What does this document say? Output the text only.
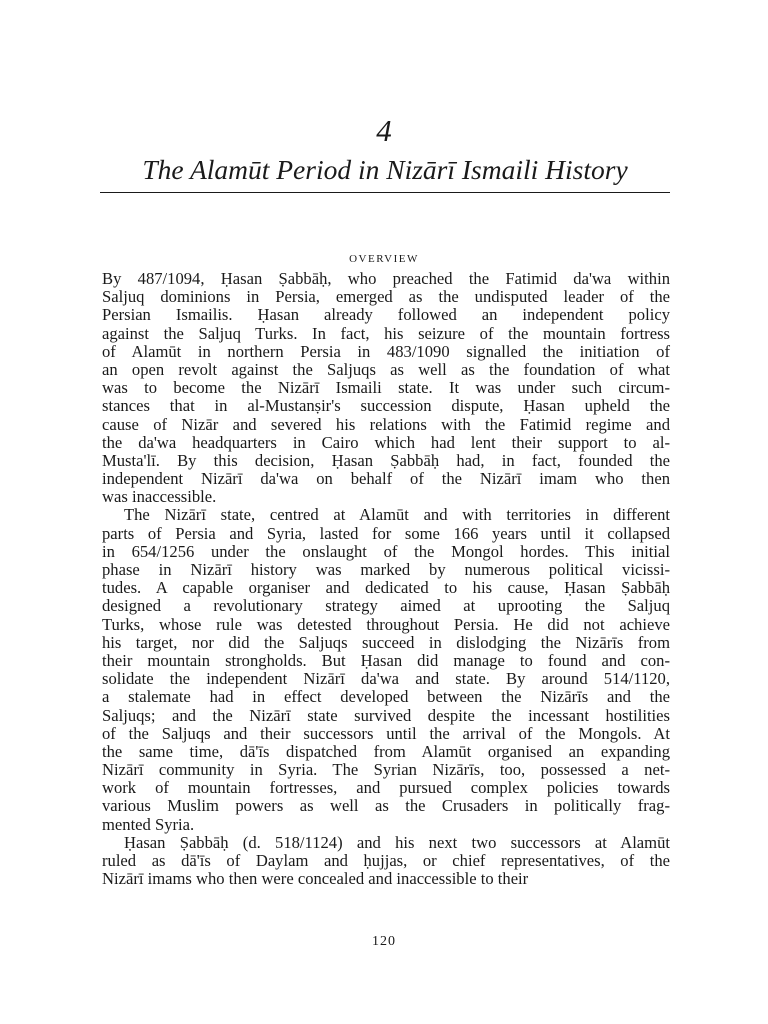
4
The Alamūt Period in Nizārī Ismaili History
OVERVIEW
By 487/1094, Ḥasan Ṣabbāḥ, who preached the Fatimid da'wa within
Saljuq dominions in Persia, emerged as the undisputed leader of the
Persian Ismailis. Ḥasan already followed an independent policy
against the Saljuq Turks. In fact, his seizure of the mountain fortress
of Alamūt in northern Persia in 483/1090 signalled the initiation of
an open revolt against the Saljuqs as well as the foundation of what
was to become the Nizārī Ismaili state. It was under such circum-
stances that in al-Mustanṣir's succession dispute, Ḥasan upheld the
cause of Nizār and severed his relations with the Fatimid regime and
the da'wa headquarters in Cairo which had lent their support to al-
Musta'lī. By this decision, Ḥasan Ṣabbāḥ had, in fact, founded the
independent Nizārī da'wa on behalf of the Nizārī imam who then
was inaccessible.
The Nizārī state, centred at Alamūt and with territories in different
parts of Persia and Syria, lasted for some 166 years until it collapsed
in 654/1256 under the onslaught of the Mongol hordes. This initial
phase in Nizārī history was marked by numerous political vicissi-
tudes. A capable organiser and dedicated to his cause, Ḥasan Ṣabbāḥ
designed a revolutionary strategy aimed at uprooting the Saljuq
Turks, whose rule was detested throughout Persia. He did not achieve
his target, nor did the Saljuqs succeed in dislodging the Nizārīs from
their mountain strongholds. But Ḥasan did manage to found and con-
solidate the independent Nizārī da'wa and state. By around 514/1120,
a stalemate had in effect developed between the Nizārīs and the
Saljuqs; and the Nizārī state survived despite the incessant hostilities
of the Saljuqs and their successors until the arrival of the Mongols. At
the same time, dā'īs dispatched from Alamūt organised an expanding
Nizārī community in Syria. The Syrian Nizārīs, too, possessed a net-
work of mountain fortresses, and pursued complex policies towards
various Muslim powers as well as the Crusaders in politically frag-
mented Syria.
Ḥasan Ṣabbāḥ (d. 518/1124) and his next two successors at Alamūt
ruled as dā'īs of Daylam and ḥujjas, or chief representatives, of the
Nizārī imams who then were concealed and inaccessible to their
120
